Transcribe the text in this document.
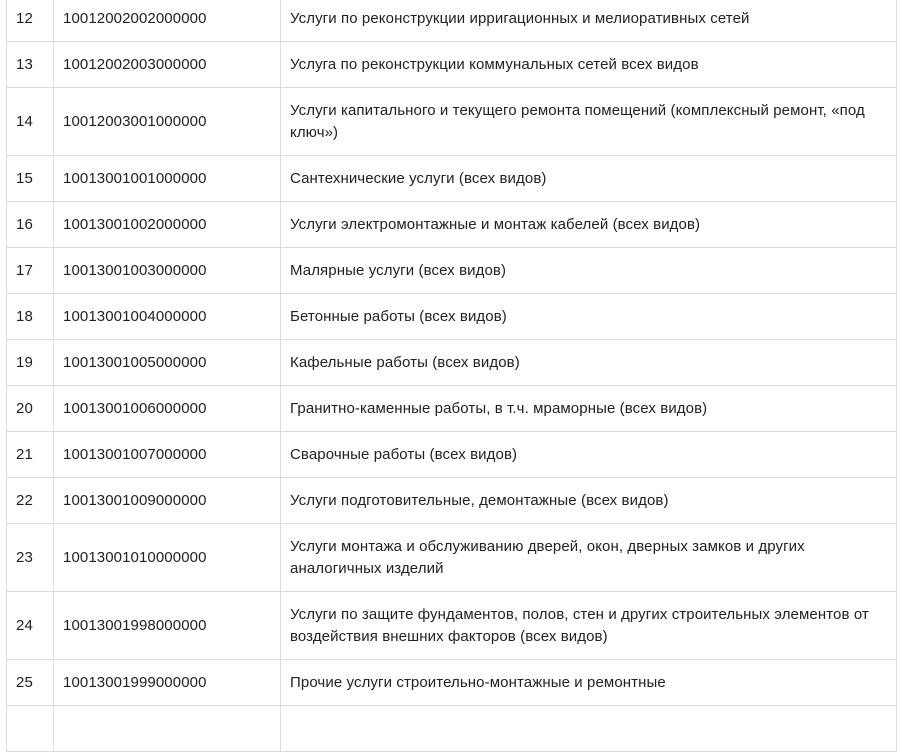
12	10012002002000000	Услуги по реконструкции ирригационных и мелиоративных сетей
13	10012002003000000	Услуга по реконструкции коммунальных сетей всех видов
14	10012003001000000	Услуги капитального и текущего ремонта помещений (комплексный ремонт, «под ключ»)
15	10013001001000000	Сантехнические услуги (всех видов)
16	10013001002000000	Услуги электромонтажные и монтаж кабелей (всех видов)
17	10013001003000000	Малярные услуги (всех видов)
18	10013001004000000	Бетонные работы (всех видов)
19	10013001005000000	Кафельные работы (всех видов)
20	10013001006000000	Гранитно-каменные работы, в т.ч. мраморные (всех видов)
21	10013001007000000	Сварочные работы (всех видов)
22	10013001009000000	Услуги подготовительные, демонтажные (всех видов)
23	10013001010000000	Услуги монтажа и обслуживанию дверей, окон, дверных замков и других аналогичных изделий
24	10013001998000000	Услуги по защите фундаментов, полов, стен и других строительных элементов от воздействия внешних факторов (всех видов)
25	10013001999000000	Прочие услуги строительно-монтажные и ремонтные
